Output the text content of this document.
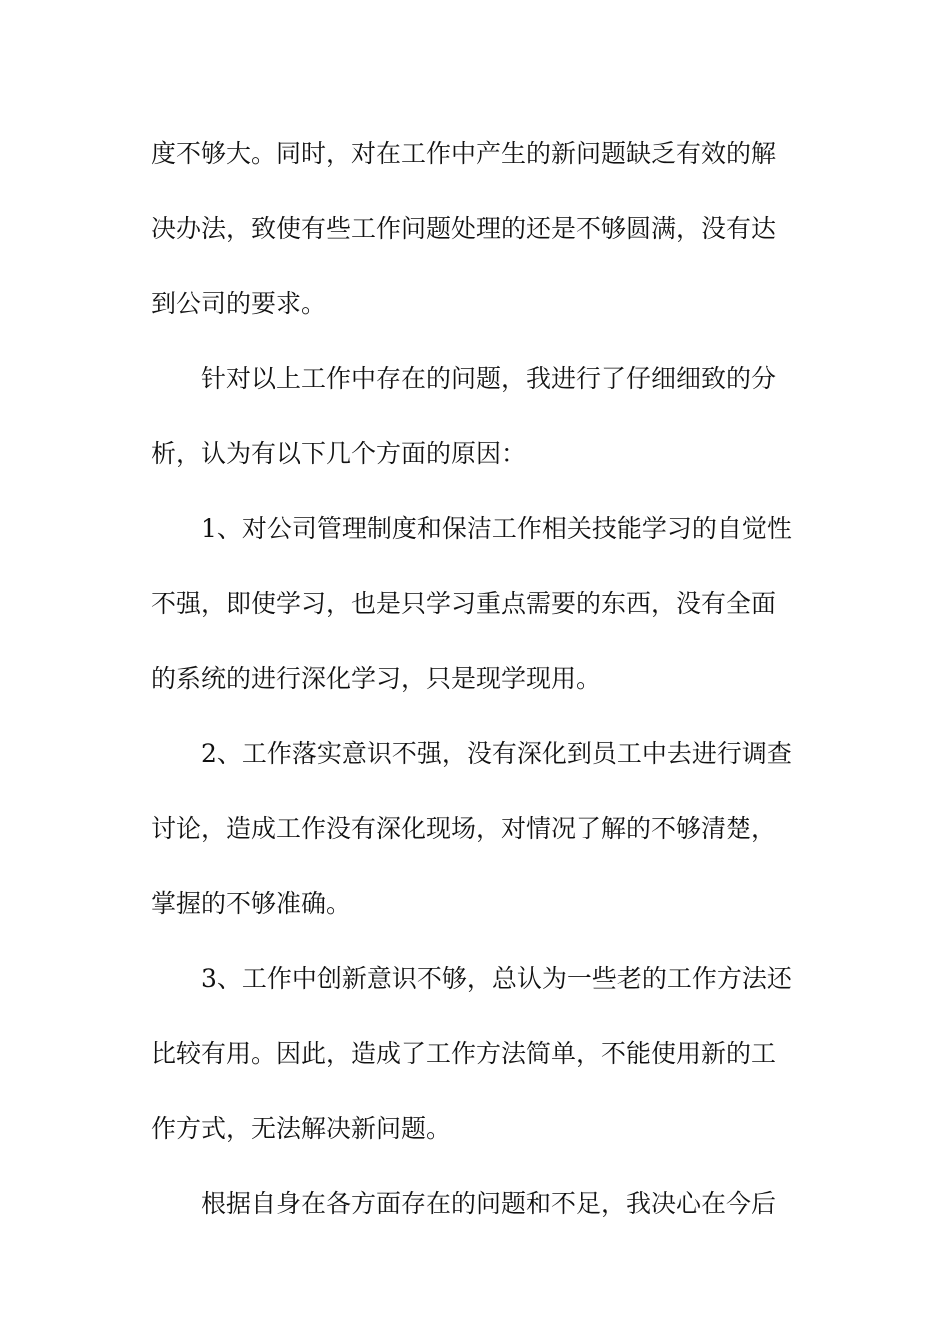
度不够大。同时，对在工作中产生的新问题缺乏有效的解
决办法，致使有些工作问题处理的还是不够圆满，没有达
到公司的要求。
针对以上工作中存在的问题，我进行了仔细细致的分
析，认为有以下几个方面的原因：
1、对公司管理制度和保洁工作相关技能学习的自觉性
不强，即使学习，也是只学习重点需要的东西，没有全面
的系统的进行深化学习，只是现学现用。
2、工作落实意识不强，没有深化到员工中去进行调查
讨论，造成工作没有深化现场，对情况了解的不够清楚，
掌握的不够准确。
3、工作中创新意识不够，总认为一些老的工作方法还
比较有用。因此，造成了工作方法简单，不能使用新的工
作方式，无法解决新问题。
根据自身在各方面存在的问题和不足，我决心在今后
